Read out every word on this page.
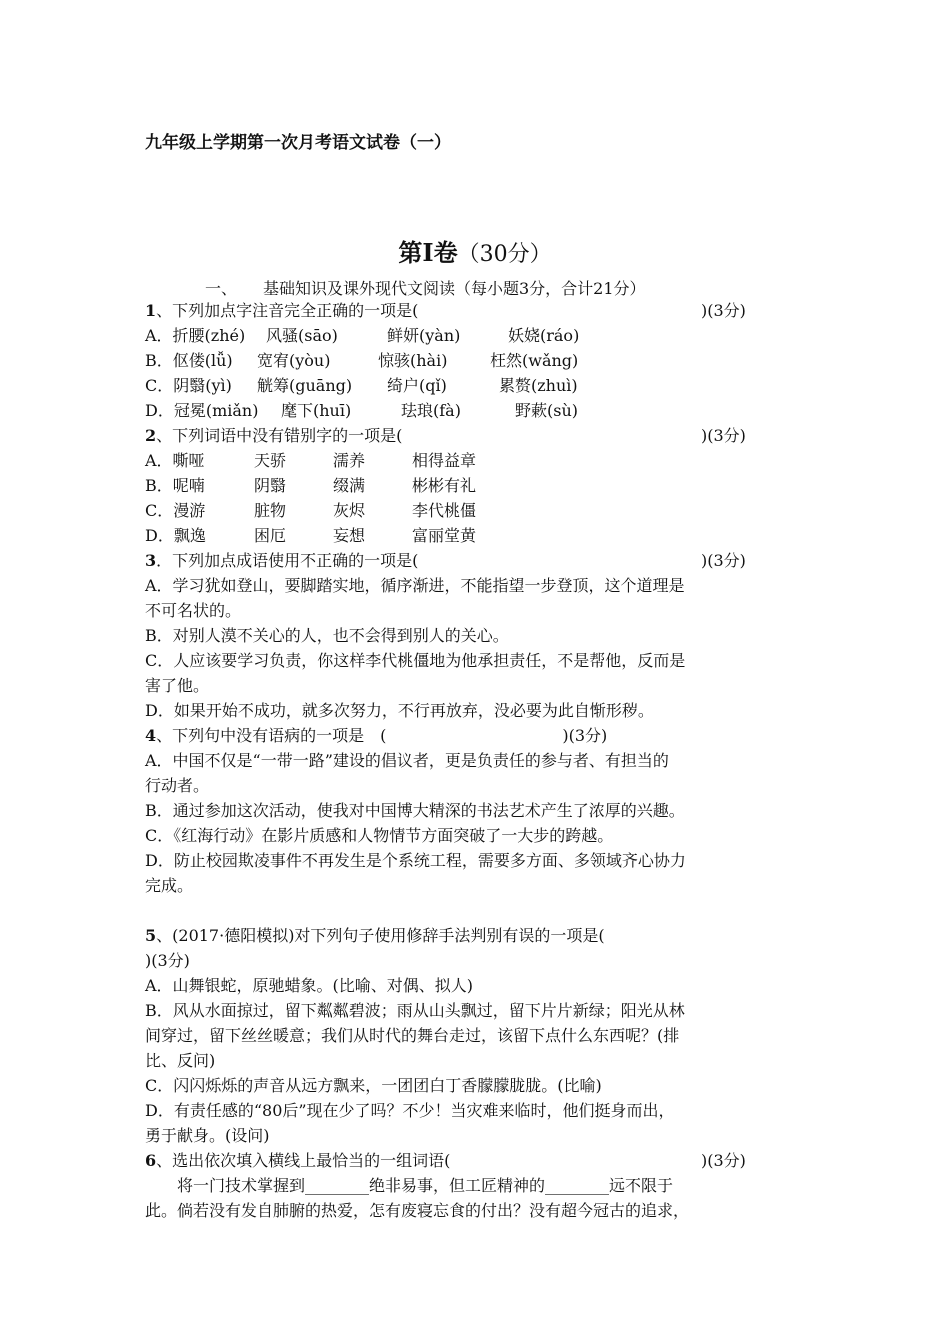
九年级上学期第一次月考语文试卷（一）
第Ⅰ卷（30分）
一、 基础知识及课外现代文阅读（每小题3分，合计21分）
1、下列加点字注音完全正确的一项是(	)(3分)
A．折腰(zhé) 风骚(sāo)	鲜妍(yàn)	妖娆(ráo)
B．伛偻(lǚ) 宽宥(yòu)	惊骇(hài)	枉然(wǎng)
C．阴翳(yì) 觥筹(guāng) 绮户(qǐ)	累赘(zhuì)
D．冠冕(miǎn) 麾下(huī)	珐琅(fà)	野蔌(sù)
2、下列词语中没有错别字的一项是(	)(3分)
A．嘶哑	天骄	濡养	相得益章
B．呢喃	阴翳	缀满	彬彬有礼
C．漫游	脏物	灰烬	李代桃僵
D．飘逸	困厄	妄想	富丽堂黄
3．下列加点成语使用不正确的一项是(	)(3分)
A．学习犹如登山，要脚踏实地，循序渐进，不能指望一步登顶，这个道理是
不可名状的。
B．对别人漠不关心的人，也不会得到别人的关心。
C．人应该要学习负责，你这样李代桃僵地为他承担责任，不是帮他，反而是
害了他。
D．如果开始不成功，就多次努力，不行再放弃，没必要为此自惭形秽。
4、下列句中没有语病的一项是　(　　　　　　　　　　　)(3分)
A．中国不仅是“一带一路”建设的倡议者，更是负责任的参与者、有担当的
行动者。
B．通过参加这次活动，使我对中国博大精深的书法艺术产生了浓厚的兴趣。
C．《红海行动》在影片质感和人物情节方面突破了一大步的跨越。
D．防止校园欺凌事件不再发生是个系统工程，需要多方面、多领域齐心协力
完成。
5、(2017·德阳模拟)对下列句子使用修辞手法判别有误的一项是(
)(3分)
A．山舞银蛇，原驰蜡象。(比喻、对偶、拟人)
B．风从水面掠过，留下粼粼碧波；雨从山头飘过，留下片片新绿；阳光从林
间穿过，留下丝丝暖意；我们从时代的舞台走过，该留下点什么东西呢？(排
比、反问)
C．闪闪烁烁的声音从远方飘来，一团团白丁香朦朦胧胧。(比喻)
D．有责任感的“80后”现在少了吗？不少！当灾难来临时，他们挺身而出，
勇于献身。(设问)
6、选出依次填入横线上最恰当的一组词语(	)(3分)
将一门技术掌握到________绝非易事，但工匠精神的________远不限于
此。倘若没有发自肺腑的热爱，怎有废寝忘食的付出？没有超今冠古的追求，
